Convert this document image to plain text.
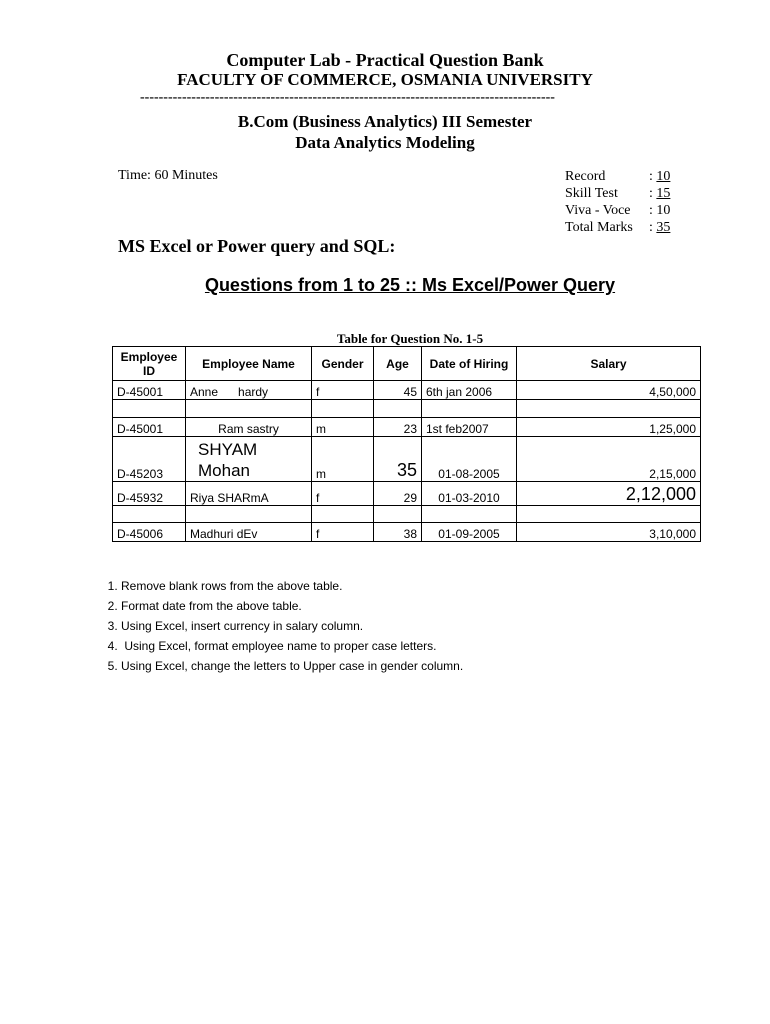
Computer Lab - Practical Question Bank
FACULTY OF COMMERCE, OSMANIA UNIVERSITY
-----------------------------------------------------------------------------------------
B.Com (Business Analytics) III Semester
Data Analytics Modeling
Time: 60 Minutes	Record	: 10
Skill Test : 15
Viva - Voce : 10
Total Marks : 35
MS Excel or Power query and SQL:
Questions from 1 to 25 :: Ms Excel/Power Query
Table for Question No. 1-5
Employee ID	Employee Name	Gender	Age	Date of Hiring	Salary
D-45001	Anne      hardy	f	45	6th jan 2006	4,50,000

D-45001	Ram sastry	m	23	1st feb2007	1,25,000
D-45203	SHYAM Mohan	m	35	01-08-2005	2,15,000
D-45932	Riya SHARmA	f	29	01-03-2010	2,12,000

D-45006	Madhuri dEv	f	38	01-09-2005	3,10,000
1. Remove blank rows from the above table.
2. Format date from the above table.
3. Using Excel, insert currency in salary column.
4.  Using Excel, format employee name to proper case letters.
5. Using Excel, change the letters to Upper case in gender column.
